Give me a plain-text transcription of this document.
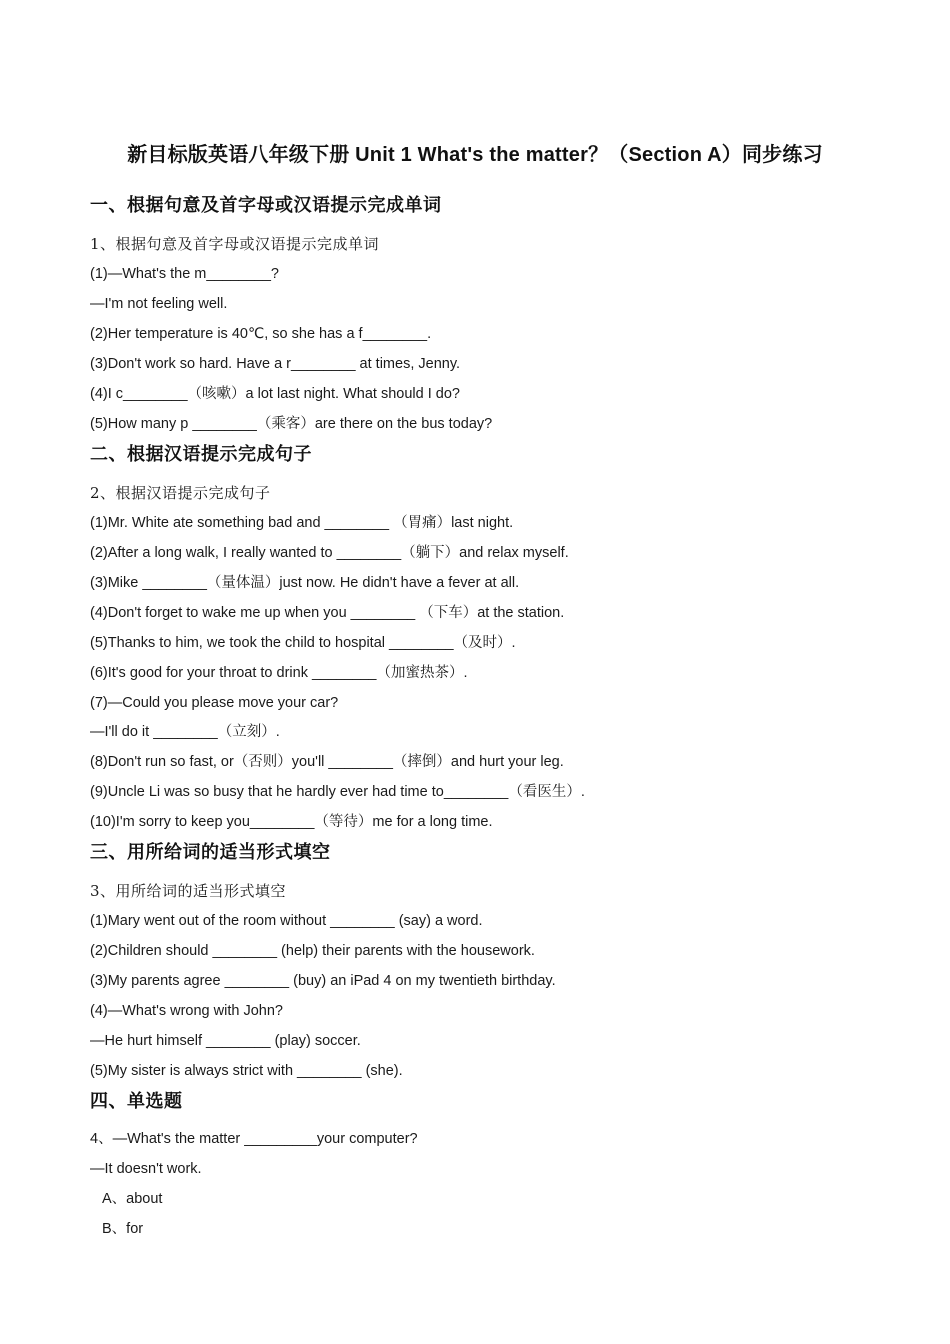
新目标版英语八年级下册 Unit 1 What's the matter？（Section A）同步练习
一、根据句意及首字母或汉语提示完成单词
1、根据句意及首字母或汉语提示完成单词
(1)—What's the m________?
—I'm not feeling well.
(2)Her temperature is 40℃, so she has a f________.
(3)Don't work so hard. Have a r________ at times, Jenny.
(4)I c________（咳嗽）a lot last night. What should I do?
(5)How many p ________（乘客）are there on the bus today?
二、根据汉语提示完成句子
2、根据汉语提示完成句子
(1)Mr. White ate something bad and ________ （胃痛）last night.
(2)After a long walk, I really wanted to ________（躺下）and relax myself.
(3)Mike ________（量体温）just now. He didn't have a fever at all.
(4)Don't forget to wake me up when you ________ （下车）at the station.
(5)Thanks to him, we took the child to hospital ________（及时）.
(6)It's good for your throat to drink ________（加蜜热茶）.
(7)—Could you please move your car?
—I'll do it ________（立刻）.
(8)Don't run so fast, or（否则）you'll ________（摔倒）and hurt your leg.
(9)Uncle Li was so busy that he hardly ever had time to________（看医生）.
(10)I'm sorry to keep you________（等待）me for a long time.
三、用所给词的适当形式填空
3、用所给词的适当形式填空
(1)Mary went out of the room without ________ (say) a word.
(2)Children should ________ (help) their parents with the housework.
(3)My parents agree ________ (buy) an iPad 4 on my twentieth birthday.
(4)—What's wrong with John?
—He hurt himself ________ (play) soccer.
(5)My sister is always strict with ________ (she).
四、单选题
4、—What's the matter _________your computer?
—It doesn't work.
A、about
B、for
